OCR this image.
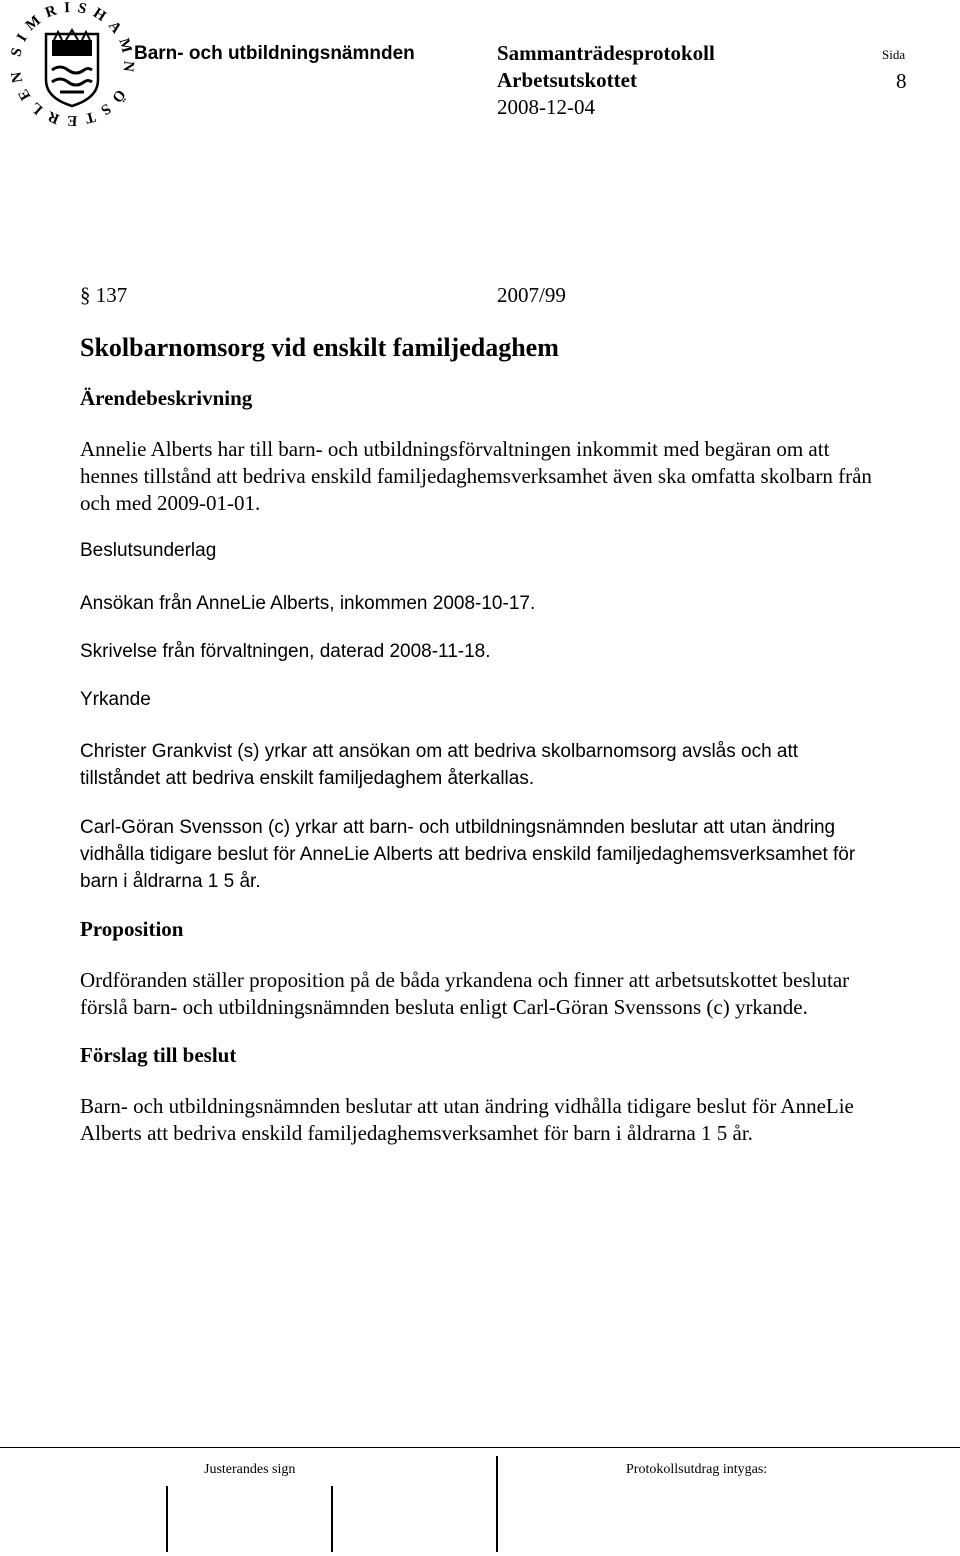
SIMRISHAMN ÖSTERLEN
Barn- och utbildningsnämnden	Sammanträdesprotokoll
Arbetsutskottet
2008-12-04
Sida
8
§ 137	2007/99
Skolbarnomsorg vid enskilt familjedaghem
Ärendebeskrivning
Annelie Alberts har till barn- och utbildningsförvaltningen inkommit med begäran om att
hennes tillstånd att bedriva enskild familjedaghemsverksamhet även ska omfatta skolbarn från
och med 2009-01-01.
Beslutsunderlag
Ansökan från AnneLie Alberts, inkommen 2008-10-17.
Skrivelse från förvaltningen, daterad 2008-11-18.
Yrkande
Christer Grankvist (s) yrkar att ansökan om att bedriva skolbarnomsorg avslås och att
tillståndet att bedriva enskilt familjedaghem återkallas.
Carl-Göran Svensson (c) yrkar att barn- och utbildningsnämnden beslutar att utan ändring
vidhålla tidigare beslut för AnneLie Alberts att bedriva enskild familjedaghemsverksamhet för
barn i åldrarna 1 5 år.
Proposition
Ordföranden ställer proposition på de båda yrkandena och finner att arbetsutskottet beslutar
förslå barn- och utbildningsnämnden besluta enligt Carl-Göran Svenssons (c) yrkande.
Förslag till beslut
Barn- och utbildningsnämnden beslutar att utan ändring vidhålla tidigare beslut för AnneLie
Alberts att bedriva enskild familjedaghemsverksamhet för barn i åldrarna 1 5 år.
Justerandes sign	Protokollsutdrag intygas:
